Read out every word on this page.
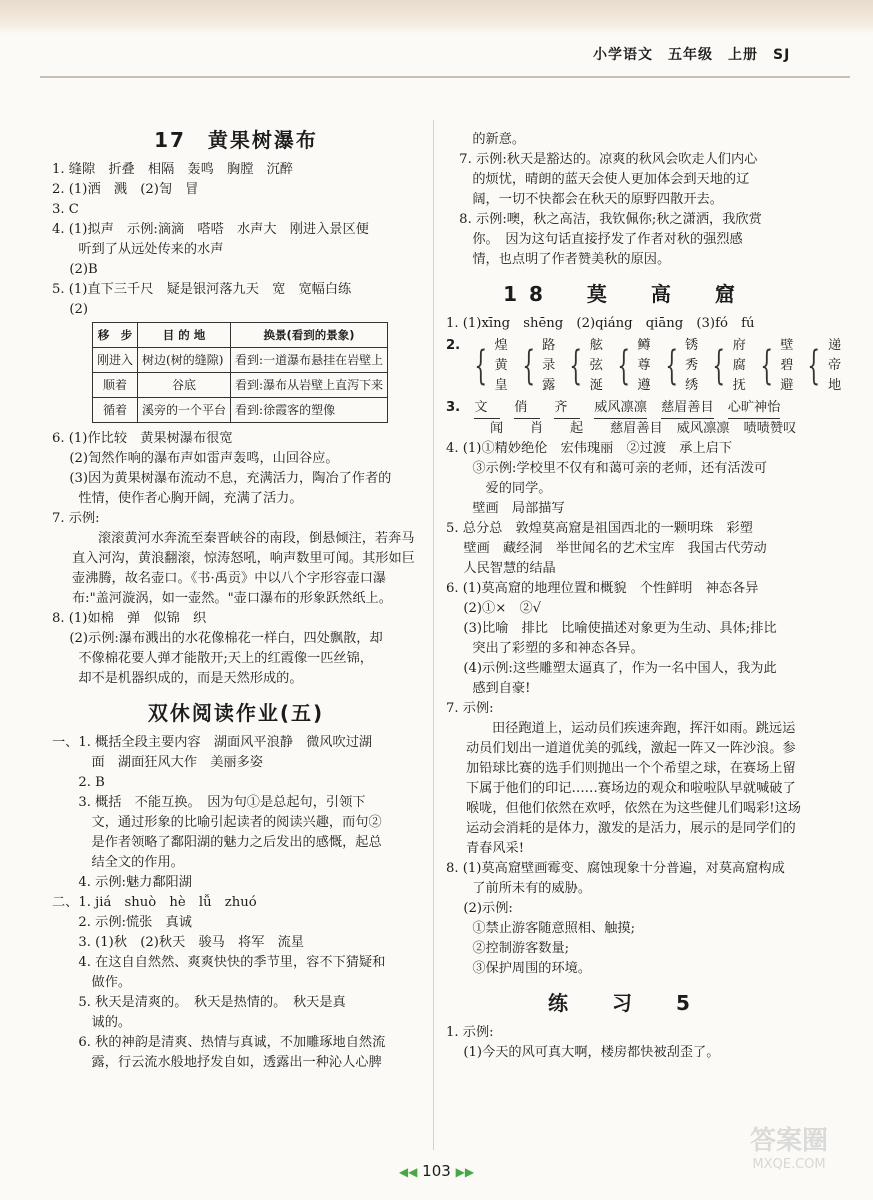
小学语文　五年级　上册　SJ
17　黄果树瀑布

1. 缝隙　折叠　相隔　轰鸣　胸膛　沉醉

2. (1)洒　溅　(2)訇　冒

3. C

4. (1)拟声　示例:滴滴　嗒嗒　水声大　刚进入景区便

　　听到了从远处传来的水声

　 (2)B

5. (1)直下三千尺　疑是银河落九天　宽　宽幅白练

　 (2)

移　步	目 的 地	换景(看到的景象)
刚进入	树边(树的缝隙)	看到:一道瀑布悬挂在岩壁上
顺着	谷底	看到:瀑布从岩壁上直泻下来
循着	溪旁的一个平台	看到:徐霞客的塑像

6. (1)作比较　黄果树瀑布很宽

　 (2)訇然作响的瀑布声如雷声轰鸣，山回谷应。

　 (3)因为黄果树瀑布流动不息，充满活力，陶冶了作者的

　　性情，使作者心胸开阔，充满了活力。

7. 示例:

滚滚黄河水奔流至秦晋峡谷的南段，倒悬倾注，若奔马直入河沟，黄浪翻滚，惊涛怒吼，响声数里可闻。其形如巨壶沸腾，故名壶口。《书·禹贡》中以八个字形容壶口瀑布:"盖河漩涡，如一壶然。"壶口瀑布的形象跃然纸上。

8. (1)如棉　弹　似锦　织

　 (2)示例:瀑布溅出的水花像棉花一样白，四处飘散，却

　　不像棉花要人弹才能散开;天上的红霞像一匹丝锦，

　　却不是机器织成的，而是天然形成的。

双休阅读作业(五)

一、1. 概括全段主要内容　湖面风平浪静　微风吹过湖

　　　面　湖面狂风大作　美丽多姿

　　2. B

　　3. 概括　不能互换。　因为句①是总起句，引领下

　　　文，通过形象的比喻引起读者的阅读兴趣，而句②

　　　是作者领略了鄱阳湖的魅力之后发出的感慨，起总

　　　结全文的作用。

　　4. 示例:魅力鄱阳湖

二、1. jiá　shuò　hè　lǚ　zhuó

　　2. 示例:慌张　真诚

　　3. (1)秋　(2)秋天　骏马　将军　流星

　　4. 在这自自然然、爽爽快快的季节里，容不下猜疑和

　　　做作。

　　5. 秋天是清爽的。　秋天是热情的。　秋天是真

　　　诚的。

　　6. 秋的神韵是清爽、热情与真诚，不加雕琢地自然流

　　　露，行云流水般地抒发自如，透露出一种沁人心脾

　　的新意。

　7. 示例:秋天是豁达的。凉爽的秋风会吹走人们内心

　　的烦忧，晴朗的蓝天会使人更加体会到天地的辽

　　阔，一切不快都会在秋天的原野四散开去。

　8. 示例:噢，秋之高洁，我钦佩你;秋之潇洒，我欣赏

　　你。　因为这句话直接抒发了作者对秋的强烈感

　　情，也点明了作者赞美秋的原因。

18　莫　高　窟

1. (1)xīng　shēng　(2)qiáng　qiāng　(3)fó　fú

2. { 煌
黄
皇 { 路
录
露 { 舷
弦
涎 { 鳟
尊
遵 { 锈
秀
绣 { 府
腐
抚 { 壁
碧
避 { 递
帝
地
3. 文	俏	齐	威风凛凛 慈眉善目 心旷神怡
闻	肖	起	慈眉善目 威风凛凛 啧啧赞叹

4. (1)①精妙绝伦　宏伟瑰丽　②过渡　承上启下

　　③示例:学校里不仅有和蔼可亲的老师，还有活泼可

　　　爱的同学。

　　壁画　局部描写

5. 总分总　敦煌莫高窟是祖国西北的一颗明珠　彩塑

　 壁画　藏经洞　举世闻名的艺术宝库　我国古代劳动

　 人民智慧的结晶

6. (1)莫高窟的地理位置和概貌　个性鲜明　神态各异

　 (2)①×　②√

　 (3)比喻　排比　比喻使描述对象更为生动、具体;排比

　　突出了彩塑的多和神态各异。

　 (4)示例:这些雕塑太逼真了，作为一名中国人，我为此

　　感到自豪!

7. 示例:

田径跑道上，运动员们疾速奔跑，挥汗如雨。跳远运动员们划出一道道优美的弧线，激起一阵又一阵沙浪。参加铅球比赛的选手们则抛出一个个希望之球，在赛场上留下属于他们的印记……赛场边的观众和啦啦队早就喊破了喉咙，但他们依然在欢呼，依然在为这些健儿们喝彩!这场运动会消耗的是体力，激发的是活力，展示的是同学们的青春风采!

8. (1)莫高窟壁画霉变、腐蚀现象十分普遍，对莫高窟构成

　　了前所未有的威胁。

　 (2)示例:

　　①禁止游客随意照相、触摸;

　　②控制游客数量;

　　③保护周围的环境。

练　习　5

1. 示例:

　 (1)今天的风可真大啊，楼房都快被刮歪了。

◀◀ 103 ▶▶
答案圈
MXQE.COM
